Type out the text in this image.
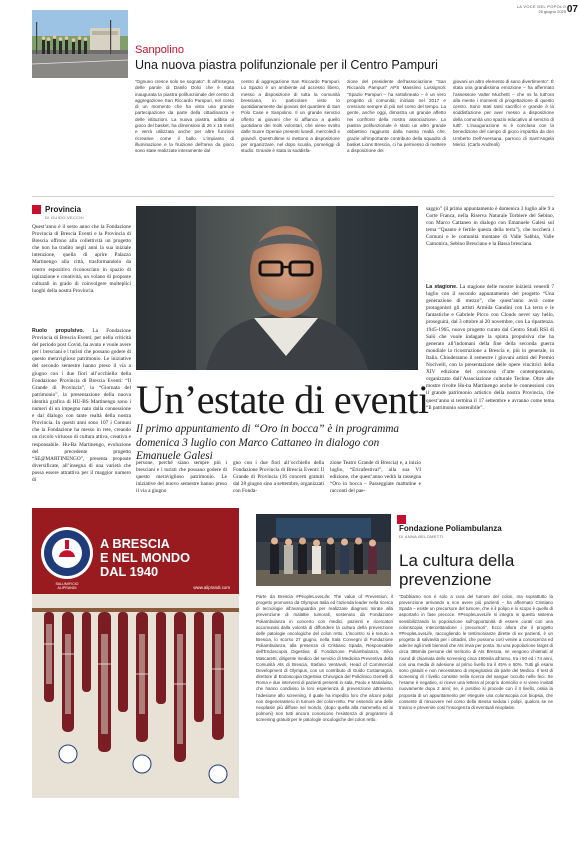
LA VOCE DEL POPOLO
26 giugno 2025 07
Sanpolino
Una nuova piastra polifunzionale per il Centro Pampuri
“Ognuno cresce solo se sognato”. È all’insegna delle parole di Danilo Dolci che è stata inaugurata la piastra polifunzionale del centro di aggregazione San Riccardo Pampuri, nel corso di un momento che ha visto una grande partecipazione da parte della cittadinanza e delle istituzioni. La nuova piastra, adibita al gioco del basket, ha dimensioni di 26 x 15 metri e verrà utilizzata anche per altre funzioni ricreative come il ballo. L’impianto di illuminazione e la fruizione dell’area da gioco sono state realizzate interamente dal
centro di aggregazione San Riccardo Pampuri. Lo Spazio è un ambiente ad accesso libero, messo a disposizione di tutta la comunità bresciana, in particolare visto lo quotidianamente dai giovani del quartiere di San Polo Case e Sanpolino. Il un grande servizio offerto ai giovani che si affianca a quello quotidiano dei molti volontari, che viene svolto dalle Suore Operaie presenti lunedì, mercoledì e giovedì. Quest’ultime si mettono a disposizione per organizzare, nel dopo scuola, pomeriggi di studio. Grande è stata la soddisfa-
zione del presidente dell’associazione “San Riccardo Pampuri” APS Massimo Lussignoli: “Spazio Pampuri – ha sottolineato – è un vero progetto di comunità; iniziato nel 2017 e cresciuto sempre di più nel corso del tempo. La gente, anche oggi, dimostra un grande affetto nei confronti della nostra associazione. La piastra polifunzionale è stato un altro grande obbiettivo raggiunto dalla nostra realtà che, grazie all’importante contributo della squadra di basket Lions Brescia, ci ha permesso di mettere a disposizione dei
giovani un altro elemento di sano divertimento”. È stata una grandissima emozione – ha affermato l’assessore Valter Muchetti – che mi fa tutt’ora alla mente i momenti di progettazione di questo centro. Sono stati tanti sacrifici e grande è la soddisfazione per aver messo a disposizione della comunità uno spazio educativo al servizio di tutti”. L’inaugurazione si è conclusa con la benedizione del campo di gioco impartita da don Umberto Dell’Aversana, parroco di Sant’Angela Merici. (Carlo Andreoli)
Provincia
DI GUIDO VECCHI
Quest’anno è il sesto anno che la Fondazione Provincia di Brescia Eventi e la Provincia di Brescia offrono alla collettività un progetto che non ha tradito negli anni la sua iniziale intenzione, quella di aprire Palazzo Martinengo alla città, trasformandolo da centro espositivo riconosciuto in spazio di ispirazione e creatività, un volano di proposte culturali in grado di coinvolgere molteplici luoghi della nostra Provincia.
Ruolo propulsivo. La Fondazione Provincia di Brescia Eventi, per nella criticità del periodo post Covid, ha avuto e vuole avere per i bresciani e i turisti che possano godere di questo meraviglioso patrimonio. Le iniziative del secondo semestre hanno preso il via a giugno con i due fiori all’occhiello della Fondazione Provincia di Brescia Eventi: “Il Grande di Provincia”, la “Giornata del patrimonio”, la presentazione della nuova identità grafica di HU-BS Martinengo sono i numeri di un impegno nato dalla connessione e dal dialogo con tante realtà della nostra Provincia. In questi anni sono 107 i Comuni che la Fondazione ha messo in rete, creando un circolo virtuoso di cultura attiva, creativa e responsabile. Hu-Ba Martinengo, evoluzione del precedente progetto “SE@MARTINENGO”, presenta proposte diversificate, all’insegna di una varietà che possa essere attrattiva per il maggior numero di
saggio” (il primo appuntamento è domenica 3 luglio alle 9 a Corte Franca, nella Riserva Naturale Torbiere del Sebino, con Marco Cattaneo in dialogo con Emanuele Galesi sul tema “Quanto è fertile questa della terra”), che toccherà i Comuni e le comunità montane di Valle Sabbia, Valle Camonica, Sebino Bresciano e la Bassa bresciana.
La stagione. La stagione delle mostre inizierà venerdì 7 luglio con il secondo appuntamento del progetto “Una generazione di mezzo”, che quest’anno avrà come protagonisti gli artisti Armida Gandini con La terra e le fantastiche e Gabriele Picco con Clouds never say hello, proseguirà, dal 3 ottobre al 20 novembre, con La ripartenza. 1945-1965, nuovo progetto curato dal Centro Studi RSI di Salò che vuole indagare la spinta propulsiva che ha generato all’indomani della fine della seconda guerra mondiale la ricostruzione a Brescia e, più in generale, in Italia. Chiuderanno il semestre i giovani artisti del Premio Nocivelli, con la presentazione delle opere vincitrici della XIV edizione del concorso d’arte contemporanea, organizzato dall’Associazione culturale Techne. Oltre alle mostre rivolte Hu-ba Martinengo anche le connessioni con il grande patrimonio artistico della nostra Provincia, che quest’anno si termina il 17 settembre e avranno come tema “Il patrimonio sostenibile”.
Un’estate di eventi
Il primo appuntamento di “Oro in bocca” è in programma domenica 3 luglio con Marco Cattaneo in dialogo con Emanuele Galesi
persone, perché siano sempre più i bresciani e i turisti che possano godere di questo meraviglioso patrimonio. Le iniziative del nuovo semestre hanno preso il via a giugno
gno con i due fiori all’occhiello della Fondazione Provincia di Brescia Eventi: Il Grande di Provincia (16 concerti gratuiti dal 28 giugno sino a settembre, organizzati con Fonda-
zione Teatro Grande di Brescia) e, a inizio luglio, “Ericafestival”, alla sua VI edizione, che quest’anno vedrà la rassegna “Oro in bocca – Passeggiate mattutine e racconti del pae-
SALUMIFICIO
ALIPRANDI
A BRESCIA
E NEL MONDO
DAL 1940
www.aliprandi.com
Fondazione Poliambulanza
DI ANNA BELOMETTI
La cultura della prevenzione
Parte da Brescia #PeopleLoveLife: The value of Prevention, il progetto promosso da Olympus Italia ed l’azienda leader nella ricerca di tecnologie all’avanguardia per realizzare diagnosi mirate alla prevenzione di malattie tumorali, sostenuto da Fondazione Poliambulanza in concerto con medici, pazienti e ricercatori accomunati dalla volontà di diffondere la cultura della prevenzione delle patologie oncologiche del colon retto. L’incontro si è tenuto a Brescia, lo scorso 27 giugno, nella Sala Convegni di Fondazione Poliambulanza, alla presenza di Cristiano Spada, Responsabile dell’Endoscopia Digestiva di Fondazione Poliambulanza, Silvo Mascaretti, dirigente medico del servizio di Medicina Preventiva della Comunità Ats di Brescia, Stefano Ventavoli, Head of Commercial Development di Olympus, con un contributo di Guido Costamagna, direttore di Endoscopia Digestiva Chirurgica del Policlinico Gemelli di Roma e due interventi di pazienti presenti in sala, Paolo e Marialuisa, che hanno condiviso la loro esperienza di prevenzione attraverso l’adesione allo screening, il quale ha impedito loro che alcuni polipi non degenerassero in tumore del colon-retto. Pur essendo una delle neoplasie più diffuse nel mondo, (dopo quella alla mammella ed ai polmoni) non tutti ancora conoscono l’esistenza di programmi di screening gratuiti per le patologie oncologiche del colon retto.
“Dobbiamo non è solo a cura del tumore del colon, ma soprattutto la prevenzione arrivando a non avere più pazienti – ha affermato Cristiano Spada – esiste un precursore del tumore, che è il polipo e lo scopo è quello di asportarlo in fase precoce. #PeopleLoveLife si integra in questo sistema sensibilizzando la popolazione sull’opportunità di essere curati con una colonscopia intercettandone i precursori”. Ecco allora che il progetto #PeopleLoveLife, raccogliendo le testimonianze dirette di ex pazienti, è un progetto di salvavita per i cittadini, che possono così venire a conoscenza ed aderire agli inviti biennali che Ats invia per posta. Su una popolazione target di circa 385mila persone del territorio di Ats Brescia, ne vengono chiamati al round di chiamata dello screening circa 190mila all’anno, tra i 50 ed i 74 anni, con una media di adesione al primo livello tra il 45% e 50%. Tutti gli esami sono gratuiti e non necessitano di impegnativa da parte del Medico. Il test di screening di I livello consiste nella ricerca del sangue occulto nelle feci. Se l’esame è negativo, si riceve una lettera al proprio domicilio e si viene invitati nuovamente dopo 2 anni; se, è positivo si procede con il II livello, ossia la proposta di un appuntamento per eseguire una colonscopia con biopsia, che consente di rimuovere nel corso della stessa seduta i polipi, qualora se ne trovino e prevenire così l’insorgenza di eventuali neoplasie.
